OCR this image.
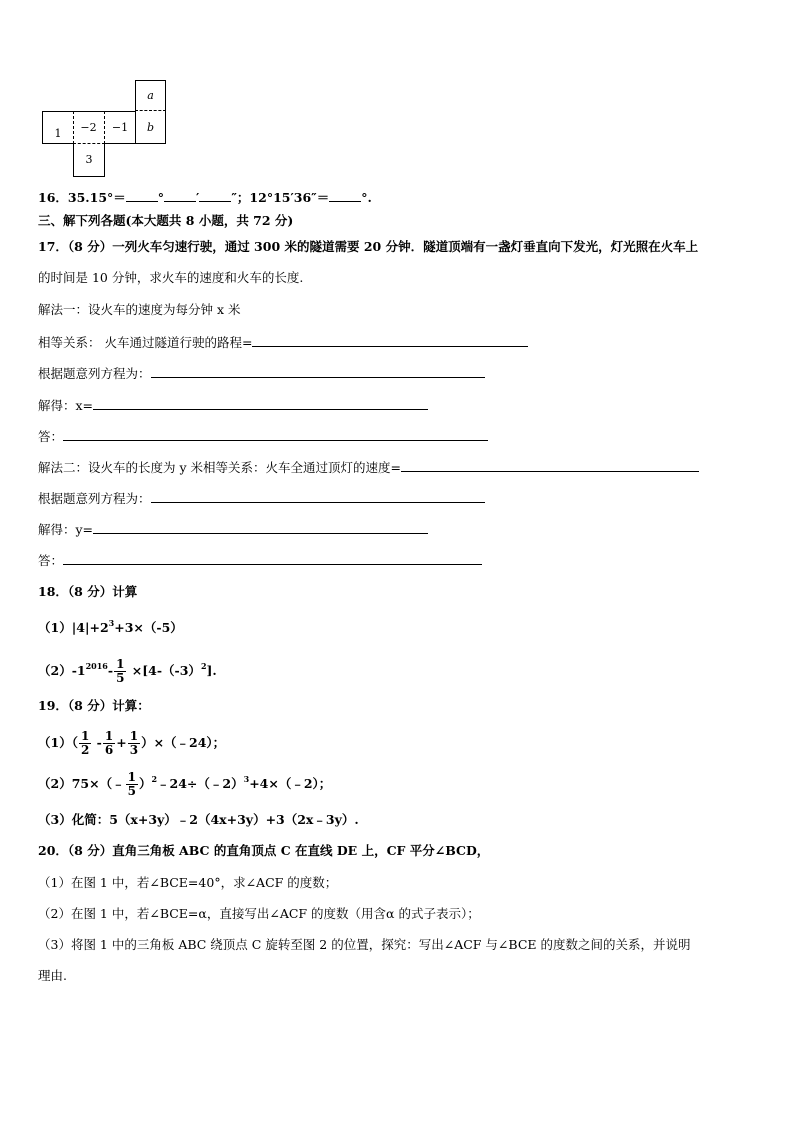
a
b
1 −2 −1
3
16．35.15°＝	°	′	″；12°15′36″＝	°.
三、解下列各题(本大题共 8 小题，共 72 分)
17．（8 分）一列火车匀速行驶，通过 300 米的隧道需要 20 分钟．隧道顶端有一盏灯垂直向下发光，灯光照在火车上
的时间是 10 分钟，求火车的速度和火车的长度.
解法一：设火车的速度为每分钟 x 米
相等关系： 火车通过隧道行驶的路程=
根据题意列方程为：
解得：x=
答：
解法二：设火车的长度为 y 米相等关系：火车全通过顶灯的速度=
根据题意列方程为：
解得：y=
答：
18．（8 分）计算
$(1)|4|+2^3+3\times(-5)$
$(2)-1^{2016}- \frac{1}{5} \times[4-(-3)^2]$.
19．（8 分）计算：
$(1)( \frac{1}{2} - \frac{1}{6} + \frac{1}{3}$ ）×（﹣24）；
（2）75×（﹣ $\frac{1}{5}$ ）$^2$﹣24÷（﹣2）$^3$+4×（﹣2）；
（3）化简：5（x+3y）﹣2（4x+3y）+3（2x﹣3y）.
20．（8 分）直角三角板 ABC 的直角顶点 C 在直线 DE 上，CF 平分∠BCD，
（1）在图 1 中，若∠BCE=40°，求∠ACF 的度数；
（2）在图 1 中，若∠BCE=α，直接写出∠ACF 的度数（用含α 的式子表示）；
（3）将图 1 中的三角板 ABC 绕顶点 C 旋转至图 2 的位置，探究：写出∠ACF 与∠BCE 的度数之间的关系，并说明
理由.
